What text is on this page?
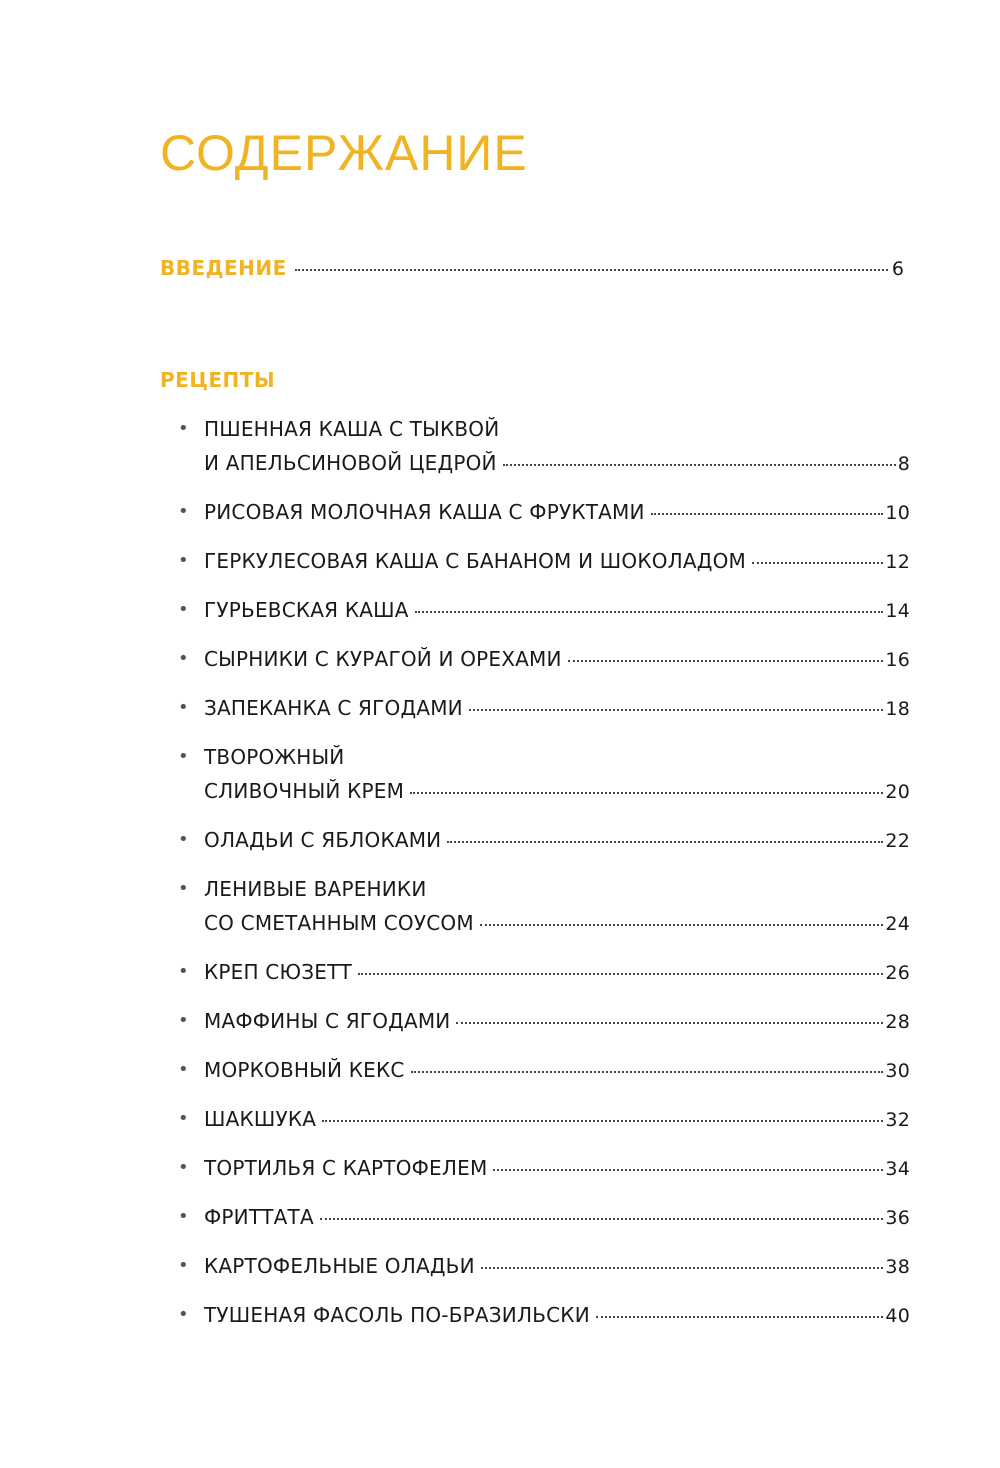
СОДЕРЖАНИЕ
ВВЕДЕНИЕ	6
РЕЦЕПТЫ
• ПШЕННАЯ КАША С ТЫКВОЙ
И АПЕЛЬСИНОВОЙ ЦЕДРОЙ	8
• РИСОВАЯ МОЛОЧНАЯ КАША С ФРУКТАМИ	10
• ГЕРКУЛЕСОВАЯ КАША С БАНАНОМ И ШОКОЛАДОМ	12
• ГУРЬЕВСКАЯ КАША	14
• СЫРНИКИ С КУРАГОЙ И ОРЕХАМИ	16
• ЗАПЕКАНКА С ЯГОДАМИ	18
• ТВОРОЖНЫЙ
СЛИВОЧНЫЙ КРЕМ	20
• ОЛАДЬИ С ЯБЛОКАМИ	22
• ЛЕНИВЫЕ ВАРЕНИКИ
СО СМЕТАННЫМ СОУСОМ	24
• КРЕП СЮЗЕТТ	26
• МАФФИНЫ С ЯГОДАМИ	28
• МОРКОВНЫЙ КЕКС	30
• ШАКШУКА	32
• ТОРТИЛЬЯ С КАРТОФЕЛЕМ	34
• ФРИТТАТА	36
• КАРТОФЕЛЬНЫЕ ОЛАДЬИ	38
• ТУШЕНАЯ ФАСОЛЬ ПО-БРАЗИЛЬСКИ	40
